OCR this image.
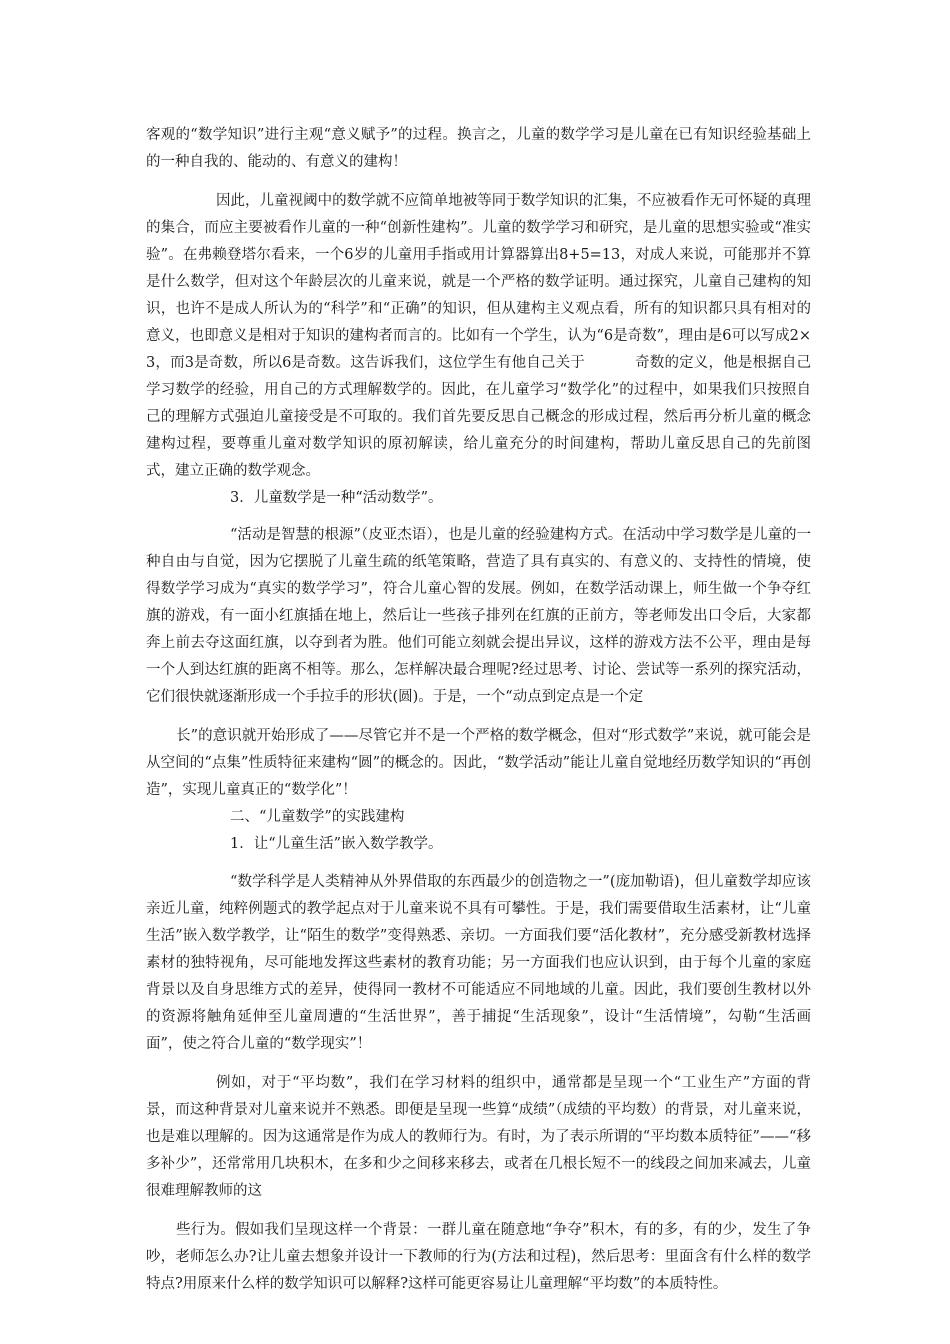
客观的“数学知识”进行主观“意义赋予”的过程。换言之，儿童的数学学习是儿童在已有知识经验基础上的一种自我的、能动的、有意义的建构！

因此，儿童视阈中的数学就不应简单地被等同于数学知识的汇集，不应被看作无可怀疑的真理的集合，而应主要被看作儿童的一种“创新性建构”。儿童的数学学习和研究，是儿童的思想实验或“准实验”。在弗赖登塔尔看来，一个6岁的儿童用手指或用计算器算出8+5=13，对成人来说，可能那并不算是什么数学，但对这个年龄层次的儿童来说，就是一个严格的数学证明。通过探究，儿童自己建构的知识，也许不是成人所认为的“科学”和“正确”的知识，但从建构主义观点看，所有的知识都只具有相对的意义，也即意义是相对于知识的建构者而言的。比如有一个学生，认为“6是奇数”，理由是6可以写成2×3，而3是奇数，所以6是奇数。这告诉我们，这位学生有他自己关于	奇数的定义，他是根据自己学习数学的经验，用自己的方式理解数学的。因此，在儿童学习“数学化”的过程中，如果我们只按照自己的理解方式强迫儿童接受是不可取的。我们首先要反思自己概念的形成过程，然后再分析儿童的概念建构过程，要尊重儿童对数学知识的原初解读，给儿童充分的时间建构，帮助儿童反思自己的先前图式，建立正确的数学观念。

3．儿童数学是一种“活动数学”。

“活动是智慧的根源”（皮亚杰语），也是儿童的经验建构方式。在活动中学习数学是儿童的一种自由与自觉，因为它摆脱了儿童生疏的纸笔策略，营造了具有真实的、有意义的、支持性的情境，使得数学学习成为“真实的数学学习”，符合儿童心智的发展。例如，在数学活动课上，师生做一个争夺红旗的游戏，有一面小红旗插在地上，然后让一些孩子排列在红旗的正前方，等老师发出口令后，大家都奔上前去夺这面红旗，以夺到者为胜。他们可能立刻就会提出异议，这样的游戏方法不公平，理由是每一个人到达红旗的距离不相等。那么，怎样解决最合理呢?经过思考、讨论、尝试等一系列的探究活动，它们很快就逐渐形成一个手拉手的形状(圆)。于是，一个“动点到定点是一个定

长”的意识就开始形成了——尽管它并不是一个严格的数学概念，但对“形式数学”来说，就可能会是从空间的“点集”性质特征来建构“圆”的概念的。因此，“数学活动”能让儿童自觉地经历数学知识的“再创造”，实现儿童真正的“数学化”！

二、“儿童数学”的实践建构

1．让“儿童生活”嵌入数学教学。

“数学科学是人类精神从外界借取的东西最少的创造物之一”(庞加勒语)，但儿童数学却应该亲近儿童，纯粹例题式的教学起点对于儿童来说不具有可攀性。于是，我们需要借取生活素材，让“儿童生活”嵌入数学教学，让“陌生的数学”变得熟悉、亲切。一方面我们要“活化教材”，充分感受新教材选择素材的独特视角，尽可能地发挥这些素材的教育功能；另一方面我们也应认识到，由于每个儿童的家庭背景以及自身思维方式的差异，使得同一教材不可能适应不同地域的儿童。因此，我们要创生教材以外的资源将触角延伸至儿童周遭的“生活世界”，善于捕捉“生活现象”，设计“生活情境”，勾勒“生活画面”，使之符合儿童的“数学现实”！

例如，对于“平均数”，我们在学习材料的组织中，通常都是呈现一个“工业生产”方面的背景，而这种背景对儿童来说并不熟悉。即便是呈现一些算“成绩”（成绩的平均数）的背景，对儿童来说，也是难以理解的。因为这通常是作为成人的教师行为。有时，为了表示所谓的“平均数本质特征”——“移多补少”，还常常用几块积木，在多和少之间移来移去，或者在几根长短不一的线段之间加来减去，儿童很难理解教师的这

些行为。假如我们呈现这样一个背景：一群儿童在随意地“争夺”积木，有的多，有的少，发生了争吵，老师怎么办?让儿童去想象并设计一下教师的行为(方法和过程)，然后思考：里面含有什么样的数学特点?用原来什么样的数学知识可以解释?这样可能更容易让儿童理解“平均数”的本质特性。
